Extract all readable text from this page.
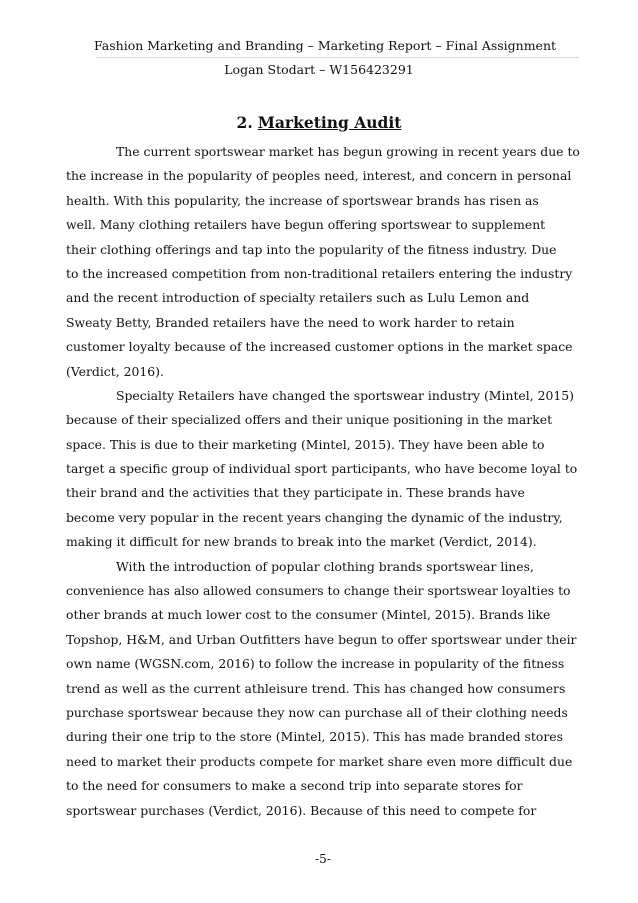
Fashion Marketing and Branding – Marketing Report – Final Assignment
Logan Stodart – W156423291
2. Marketing Audit
The current sportswear market has begun growing in recent years due to
the increase in the popularity of peoples need, interest, and concern in personal
health. With this popularity, the increase of sportswear brands has risen as
well. Many clothing retailers have begun offering sportswear to supplement
their clothing offerings and tap into the popularity of the fitness industry. Due
to the increased competition from non-traditional retailers entering the industry
and the recent introduction of specialty retailers such as Lulu Lemon and
Sweaty Betty, Branded retailers have the need to work harder to retain
customer loyalty because of the increased customer options in the market space
(Verdict, 2016).
Specialty Retailers have changed the sportswear industry (Mintel, 2015)
because of their specialized offers and their unique positioning in the market
space. This is due to their marketing (Mintel, 2015). They have been able to
target a specific group of individual sport participants, who have become loyal to
their brand and the activities that they participate in. These brands have
become very popular in the recent years changing the dynamic of the industry,
making it difficult for new brands to break into the market (Verdict, 2014).
With the introduction of popular clothing brands sportswear lines,
convenience has also allowed consumers to change their sportswear loyalties to
other brands at much lower cost to the consumer (Mintel, 2015). Brands like
Topshop, H&M, and Urban Outfitters have begun to offer sportswear under their
own name (WGSN.com, 2016) to follow the increase in popularity of the fitness
trend as well as the current athleisure trend. This has changed how consumers
purchase sportswear because they now can purchase all of their clothing needs
during their one trip to the store (Mintel, 2015). This has made branded stores
need to market their products compete for market share even more difficult due
to the need for consumers to make a second trip into separate stores for
sportswear purchases (Verdict, 2016). Because of this need to compete for
-5-
